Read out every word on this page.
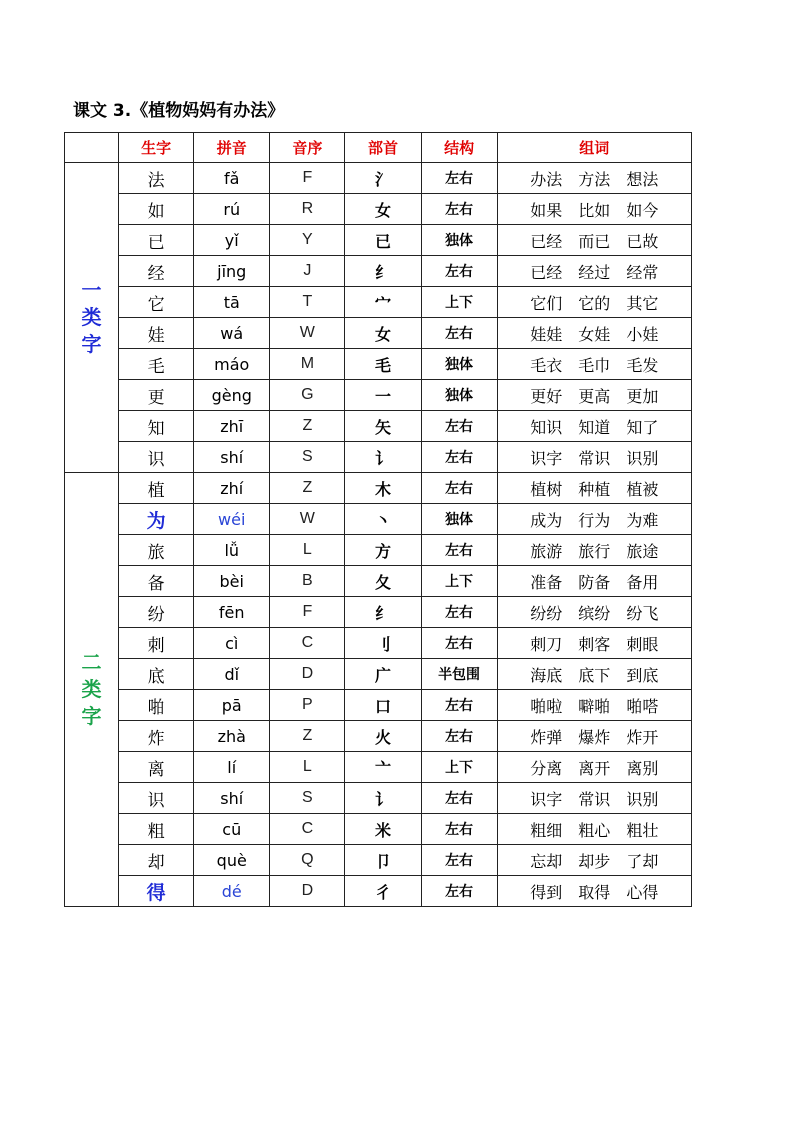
课文 3.《植物妈妈有办法》
	生字	拼音	音序	部首	结构	组词

一
类
字	法	fǎ	F	氵	左右	办法 方法 想法
	如	rú	R	女	左右	如果 比如 如今
	已	yǐ	Y	已	独体	已经 而已 已故
	经	jīng	J	纟	左右	已经 经过 经常
	它	tā	T	宀	上下	它们 它的 其它
	娃	wá	W	女	左右	娃娃 女娃 小娃
	毛	máo	M	毛	独体	毛衣 毛巾 毛发
	更	gèng	G	一	独体	更好 更高 更加
	知	zhī	Z	矢	左右	知识 知道 知了
	识	shí	S	讠	左右	识字 常识 识别

二
类
字	植	zhí	Z	木	左右	植树 种植 植被
	为	wéi	W	丶	独体	成为 行为 为难
	旅	lǚ	L	方	左右	旅游 旅行 旅途
	备	bèi	B	夂	上下	准备 防备 备用
	纷	fēn	F	纟	左右	纷纷 缤纷 纷飞
	刺	cì	C	刂	左右	刺刀 刺客 刺眼
	底	dǐ	D	广	半包围	海底 底下 到底
	啪	pā	P	口	左右	啪啦 噼啪 啪嗒
	炸	zhà	Z	火	左右	炸弹 爆炸 炸开
	离	lí	L	亠	上下	分离 离开 离别
	识	shí	S	讠	左右	识字 常识 识别
	粗	cū	C	米	左右	粗细 粗心 粗壮
	却	què	Q	卩	左右	忘却 却步 了却
	得	dé	D	彳	左右	得到 取得 心得
